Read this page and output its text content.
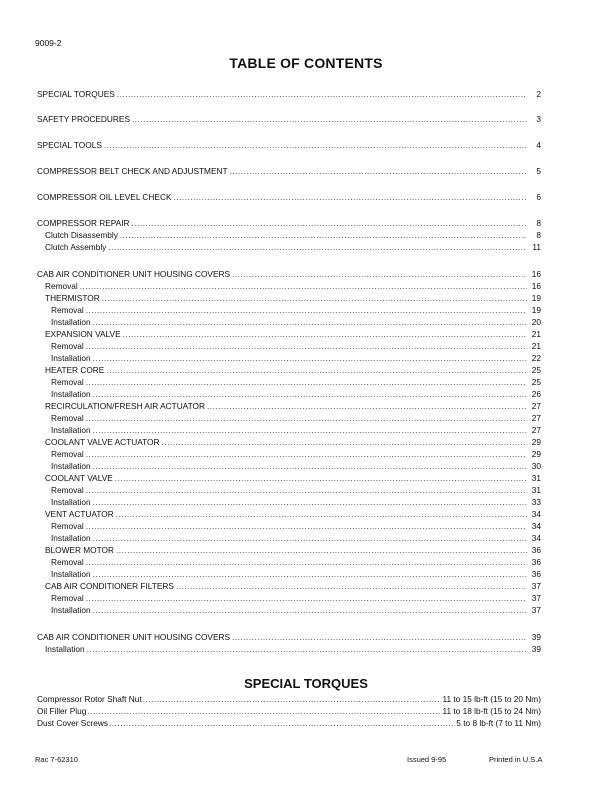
9009-2
TABLE OF CONTENTS
SPECIAL TORQUES .....	2
SAFETY PROCEDURES .....	3
SPECIAL TOOLS .....	4
COMPRESSOR BELT CHECK AND ADJUSTMENT .....	5
COMPRESSOR OIL LEVEL CHECK .....	6
COMPRESSOR REPAIR .....	8
Clutch Disassembly .....	8
Clutch Assembly .....	11
CAB AIR CONDITIONER UNIT HOUSING COVERS .....	16
Removal .....	16
THERMISTOR .....	19
Removal .....	19
Installation .....	20
EXPANSION VALVE .....	21
Removal .....	21
Installation .....	22
HEATER CORE .....	25
Removal .....	25
Installation .....	26
RECIRCULATION/FRESH AIR ACTUATOR .....	27
Removal .....	27
Installation .....	27
COOLANT VALVE ACTUATOR .....	29
Removal .....	29
Installation .....	30
COOLANT VALVE .....	31
Removal .....	31
Installation .....	33
VENT ACTUATOR .....	34
Removal .....	34
Installation .....	34
BLOWER MOTOR .....	36
Removal .....	36
Installation .....	36
CAB AIR CONDITIONER FILTERS .....	37
Removal .....	37
Installation .....	37
CAB AIR CONDITIONER UNIT HOUSING COVERS .....	39
Installation .....	39
SPECIAL TORQUES
Compressor Rotor Shaft Nut .....	11 to 15 lb-ft (15 to 20 Nm)
Oil Filler Plug .....	11 to 18 lb-ft (15 to 24 Nm)
Dust Cover Screws .....	5 to 8 lb-ft (7 to 11 Nm)
Rac 7-62310	Issued 9-95	Printed in U.S.A
